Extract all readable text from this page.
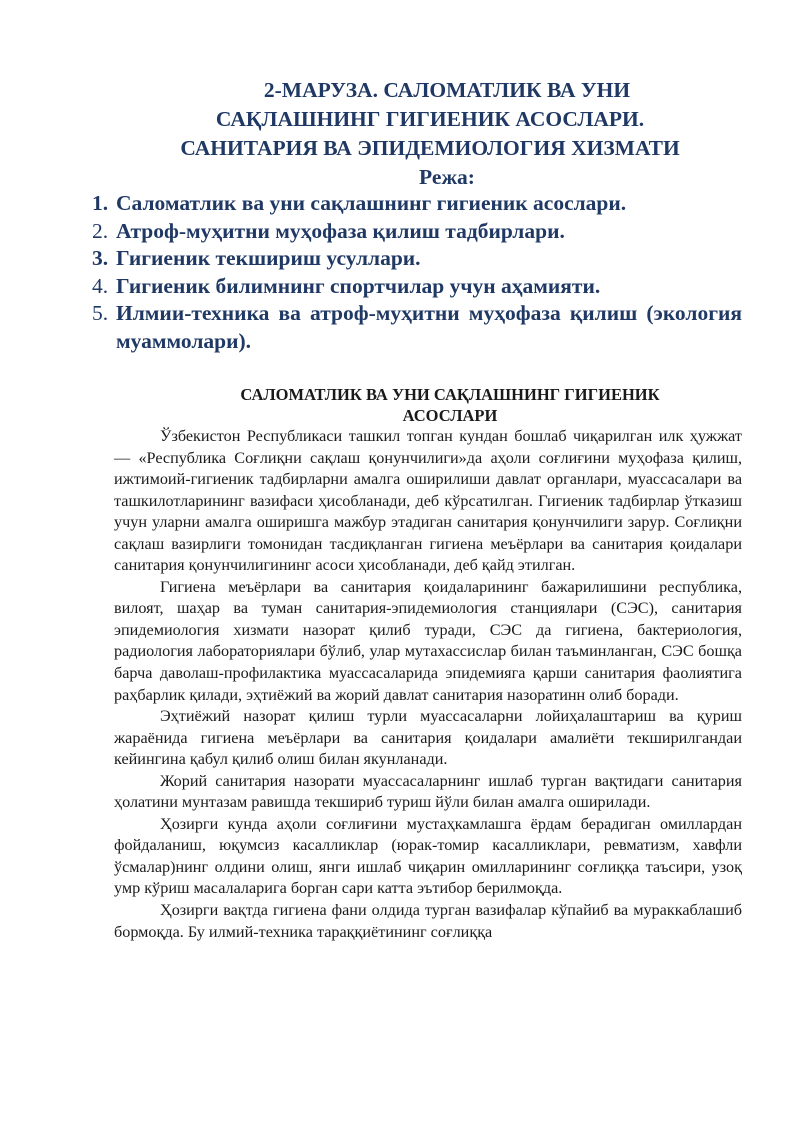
2-МАРУЗА. САЛОМАТЛИК ВА УНИ
САҚЛАШНИНГ ГИГИЕНИК АСОСЛАРИ.
САНИТАРИЯ ВА ЭПИДЕМИОЛОГИЯ ХИЗМАТИ
Режа:
1. Саломатлик ва уни сақлашнинг гигиеник асослари.
2. Атроф-муҳитни муҳофаза қилиш тадбирлари.
3. Гигиеник текшириш усуллари.
4. Гигиеник билимнинг спортчилар учун аҳамияти.
5. Илмии-техника ва атроф-муҳитни муҳофаза қилиш (экология муаммолари).
САЛОМАТЛИК ВА УНИ САҚЛАШНИНГ ГИГИЕНИК
АСОСЛАРИ

Ўзбекистон Республикаси ташкил топган кундан бошлаб чиқарилган илк ҳужжат — «Республика Соғлиқни сақлаш қонунчилиги»да аҳоли соғлиғини муҳофаза қилиш, ижтимоий-гигиеник тадбирларни амалга оширилиши давлат органлари, муассасалари ва ташкилотларининг вазифаси ҳисобланади, деб кўрсатилган. Гигиеник тадбирлар ўтказиш учун уларни амалга оширишга мажбур этадиган санитария қонунчилиги зарур. Соғлиқни сақлаш вазирлиги томонидан тасдиқланган гигиена меъёрлари ва санитария қоидалари санитария қонунчилигининг асоси ҳисобланади, деб қайд этилган.

Гигиена меъёрлари ва санитария қоидаларининг бажарилишини республика, вилоят, шаҳар ва туман санитария-эпидемиология станциялари (СЭС), санитария эпидемиология хизмати назорат қилиб туради, СЭС да гигиена, бактериология, радиология лабораториялари бўлиб, улар мутахассислар билан таъминланган, СЭС бошқа барча даволаш-профилактика муассасаларида эпидемияга қарши санитария фаолиятига раҳбарлик қилади, эҳтиёжий ва жорий давлат санитария назоратинн олиб боради.

Эҳтиёжий назорат қилиш турли муассасаларни лойиҳалаштариш ва қуриш жараёнида гигиена меъёрлари ва санитария қоидалари амалиёти текширилгандаи кейингина қабул қилиб олиш билан якунланади.

Жорий санитария назорати муассасаларнинг ишлаб турган вақтидаги санитария ҳолатини мунтазам равишда текшириб туриш йўли билан амалга оширилади.

Ҳозирги кунда аҳоли соғлиғини мустаҳкамлашга ёрдам берадиган омиллардан фойдаланиш, юқумсиз касалликлар (юрак-томир касалликлари, ревматизм, хавфли ўсмалар)нинг олдини олиш, янги ишлаб чиқарин омилларининг соғлиққа таъсири, узоқ умр кўриш масалаларига борган сари катта эътибор берилмоқда.

Ҳозирги вақтда гигиена фани олдида турган вазифалар кўпайиб ва мураккаблашиб бормоқда. Бу илмий-техника тараққиётининг соғлиққа
